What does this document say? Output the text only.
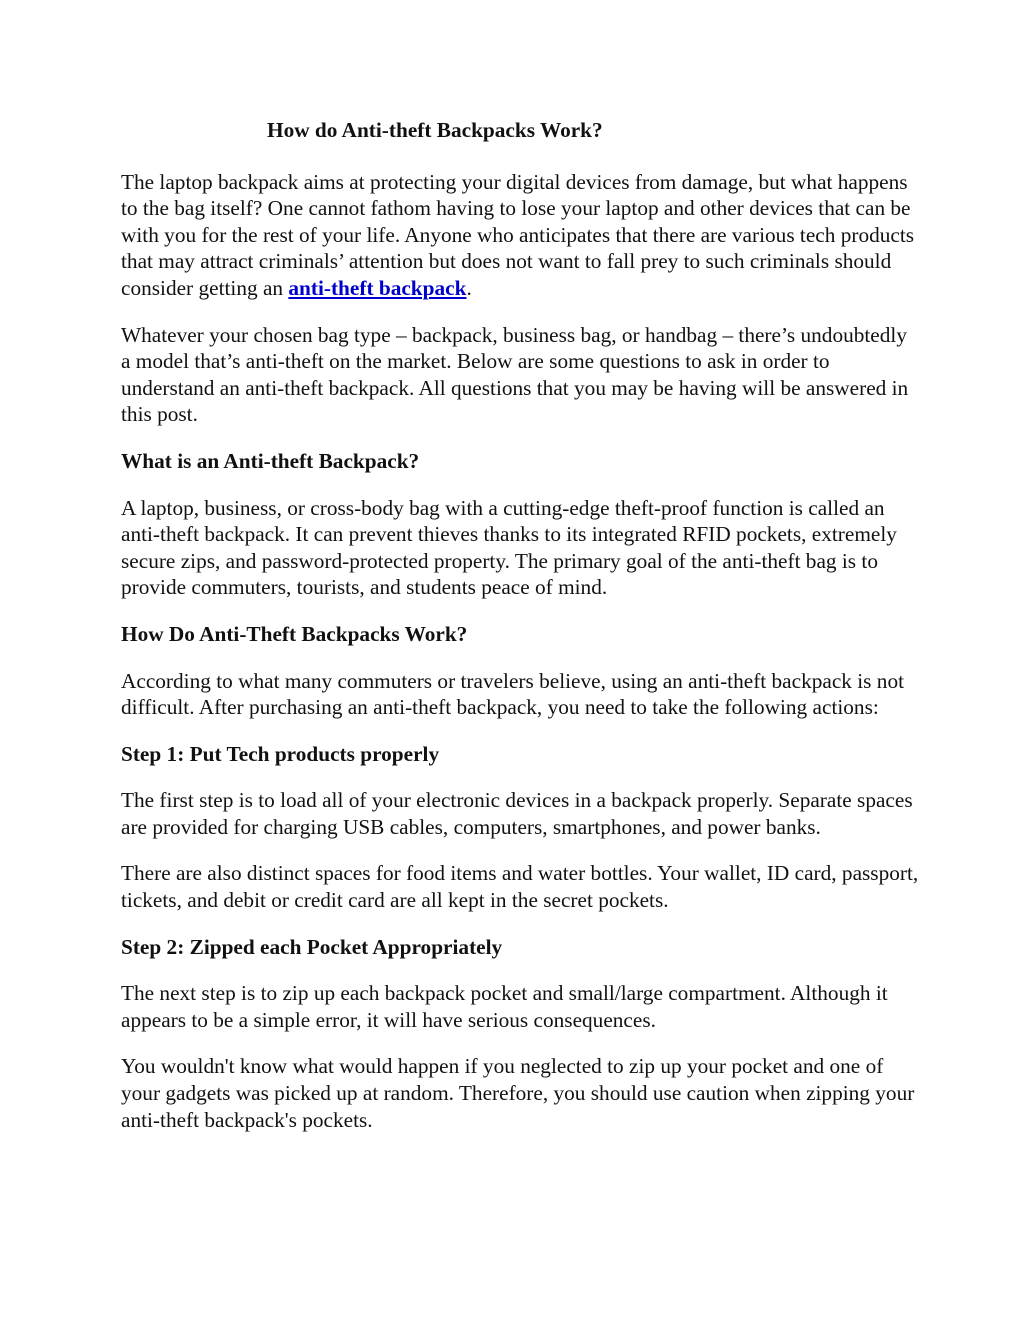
How do Anti-theft Backpacks Work?

The laptop backpack aims at protecting your digital devices from damage, but what happens to the bag itself? One cannot fathom having to lose your laptop and other devices that can be with you for the rest of your life. Anyone who anticipates that there are various tech products that may attract criminals’ attention but does not want to fall prey to such criminals should consider getting an anti-theft backpack.

Whatever your chosen bag type – backpack, business bag, or handbag – there’s undoubtedly a model that’s anti-theft on the market. Below are some questions to ask in order to understand an anti-theft backpack. All questions that you may be having will be answered in this post.

What is an Anti-theft Backpack?

A laptop, business, or cross-body bag with a cutting-edge theft-proof function is called an anti-theft backpack. It can prevent thieves thanks to its integrated RFID pockets, extremely secure zips, and password-protected property. The primary goal of the anti-theft bag is to provide commuters, tourists, and students peace of mind.

How Do Anti-Theft Backpacks Work?

According to what many commuters or travelers believe, using an anti-theft backpack is not difficult. After purchasing an anti-theft backpack, you need to take the following actions:

Step 1: Put Tech products properly

The first step is to load all of your electronic devices in a backpack properly. Separate spaces are provided for charging USB cables, computers, smartphones, and power banks.

There are also distinct spaces for food items and water bottles. Your wallet, ID card, passport, tickets, and debit or credit card are all kept in the secret pockets.

Step 2: Zipped each Pocket Appropriately

The next step is to zip up each backpack pocket and small/large compartment. Although it appears to be a simple error, it will have serious consequences.

You wouldn't know what would happen if you neglected to zip up your pocket and one of your gadgets was picked up at random. Therefore, you should use caution when zipping your anti-theft backpack's pockets.
